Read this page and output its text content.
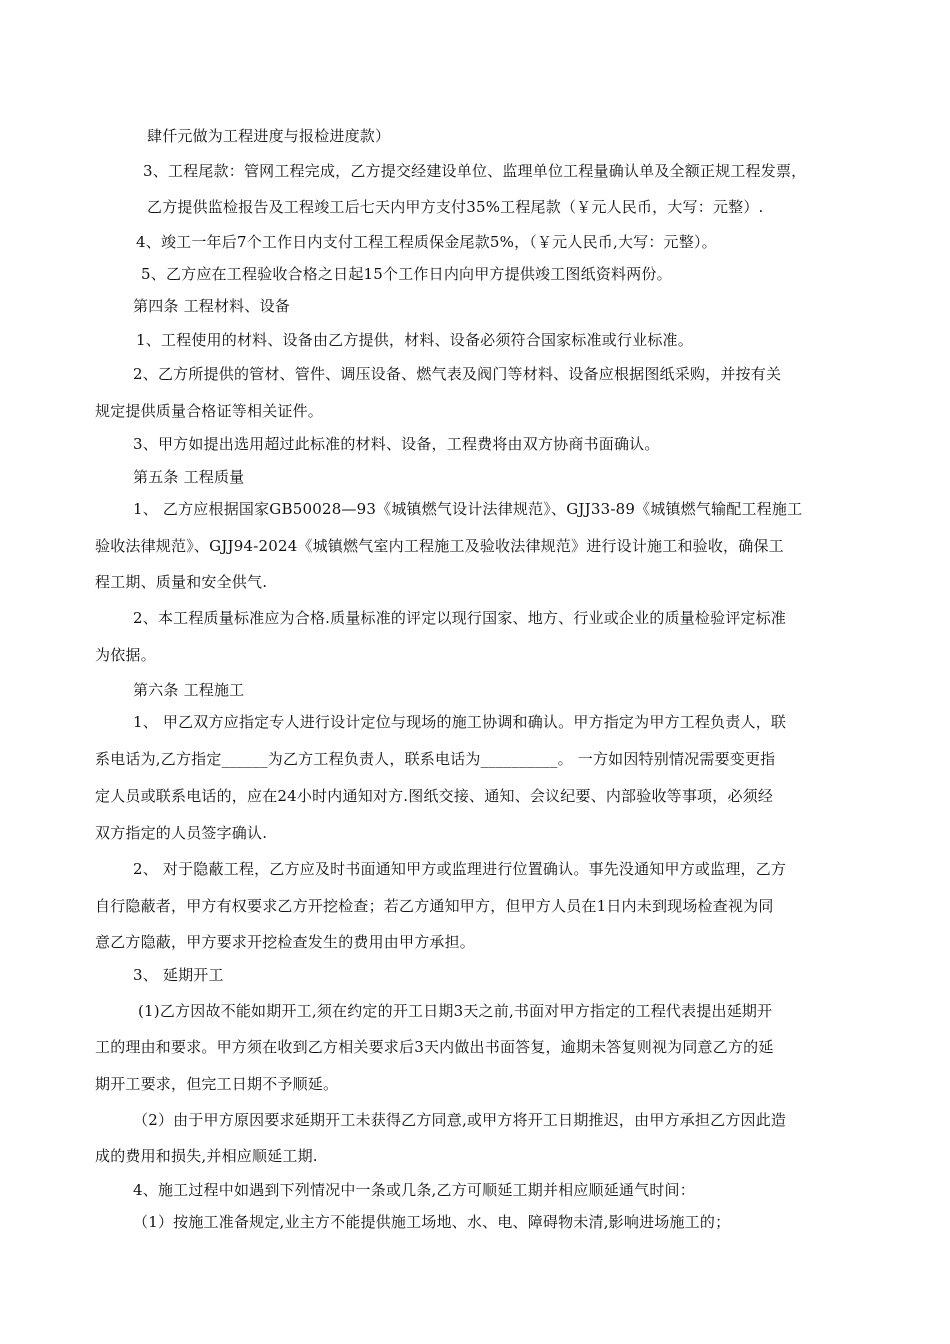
肆仟元做为工程进度与报检进度款）
3、工程尾款：管网工程完成，乙方提交经建设单位、监理单位工程量确认单及全额正规工程发票，
乙方提供监检报告及工程竣工后七天内甲方支付35%工程尾款（￥元人民币，大写：元整）.
4、竣工一年后7个工作日内支付工程工程质保金尾款5%，（￥元人民币,大写：元整）。
5、乙方应在工程验收合格之日起15个工作日内向甲方提供竣工图纸资料两份。
第四条 工程材料、设备
1、工程使用的材料、设备由乙方提供，材料、设备必须符合国家标准或行业标准。
2、乙方所提供的管材、管件、调压设备、燃气表及阀门等材料、设备应根据图纸采购，并按有关
规定提供质量合格证等相关证件。
3、甲方如提出选用超过此标准的材料、设备，工程费将由双方协商书面确认。
第五条 工程质量
1、 乙方应根据国家GB50028—93《城镇燃气设计法律规范》、GJJ33-89《城镇燃气输配工程施工
验收法律规范》、GJJ94-2024《城镇燃气室内工程施工及验收法律规范》进行设计施工和验收，确保工
程工期、质量和安全供气.
2、本工程质量标准应为合格.质量标准的评定以现行国家、地方、行业或企业的质量检验评定标准
为依据。
第六条 工程施工
1、 甲乙双方应指定专人进行设计定位与现场的施工协调和确认。甲方指定为甲方工程负责人，联
系电话为,乙方指定______为乙方工程负责人，联系电话为__________。 一方如因特别情况需要变更指
定人员或联系电话的，应在24小时内通知对方.图纸交接、通知、会议纪要、内部验收等事项，必须经
双方指定的人员签字确认.
2、 对于隐蔽工程，乙方应及时书面通知甲方或监理进行位置确认。事先没通知甲方或监理，乙方
自行隐蔽者，甲方有权要求乙方开挖检查；若乙方通知甲方，但甲方人员在1日内未到现场检查视为同
意乙方隐蔽，甲方要求开挖检查发生的费用由甲方承担。
3、 延期开工
(1)乙方因故不能如期开工,须在约定的开工日期3天之前,书面对甲方指定的工程代表提出延期开
工的理由和要求。甲方须在收到乙方相关要求后3天内做出书面答复，逾期未答复则视为同意乙方的延
期开工要求，但完工日期不予顺延。
（2）由于甲方原因要求延期开工未获得乙方同意,或甲方将开工日期推迟，由甲方承担乙方因此造
成的费用和损失,并相应顺延工期.
4、施工过程中如遇到下列情况中一条或几条,乙方可顺延工期并相应顺延通气时间：
（1）按施工准备规定,业主方不能提供施工场地、水、电、障碍物未清,影响进场施工的；
